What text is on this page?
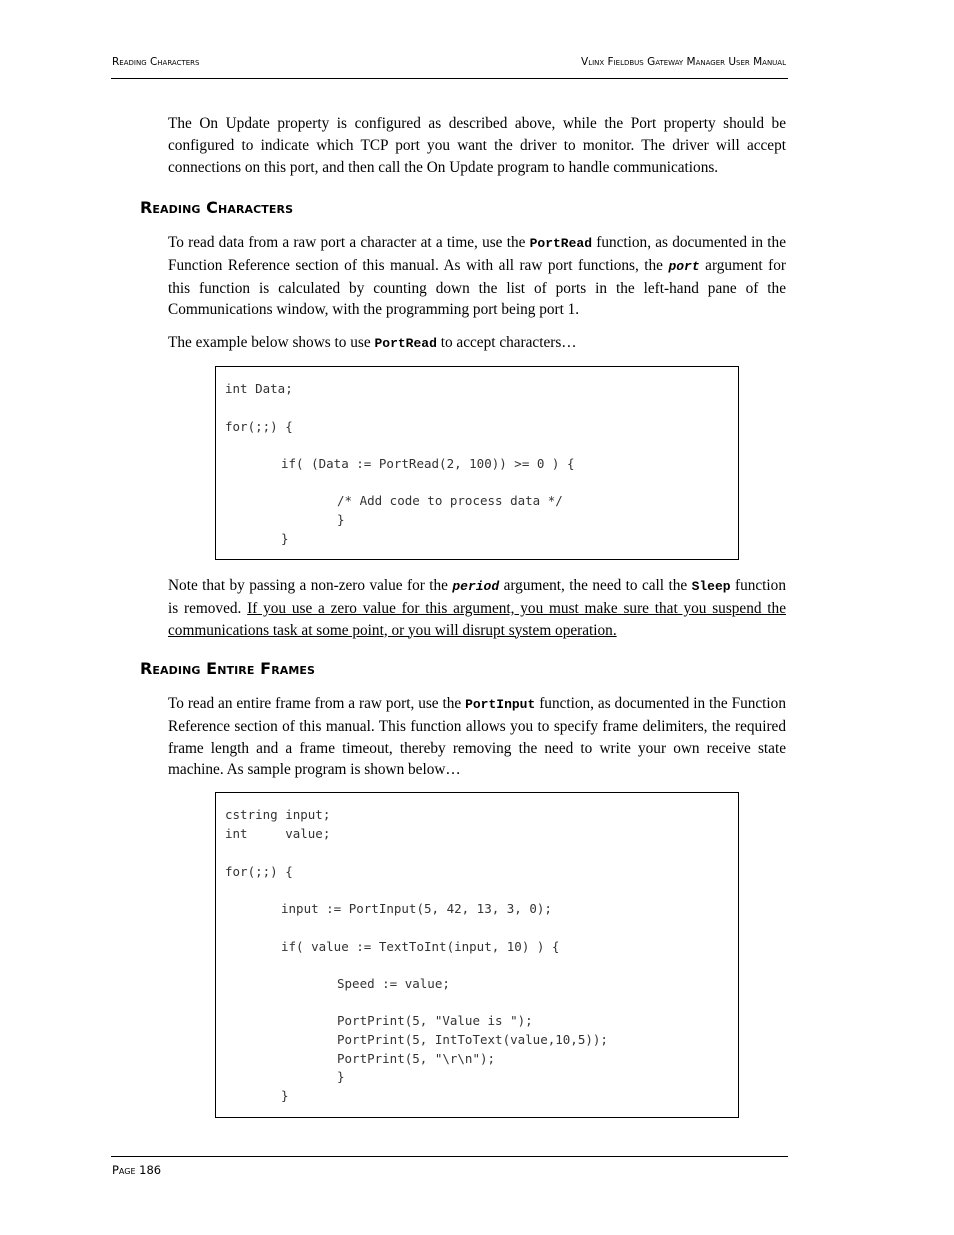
Reading Characters	Vlinx Fieldbus Gateway Manager User Manual

The On Update property is configured as described above, while the Port property should be configured to indicate which TCP port you want the driver to monitor. The driver will accept connections on this port, and then call the On Update program to handle communications.

Reading Characters

To read data from a raw port a character at a time, use the PortRead function, as documented in the Function Reference section of this manual. As with all raw port functions, the port argument for this function is calculated by counting down the list of ports in the left-hand pane of the Communications window, with the programming port being port 1.

The example below shows to use PortRead to accept characters…

int Data;
for(;;) {
if( (Data := PortRead(2, 100)) >= 0 ) {
/* Add code to process data */
}
}

Note that by passing a non-zero value for the period argument, the need to call the Sleep function is removed. If you use a zero value for this argument, you must make sure that you suspend the communications task at some point, or you will disrupt system operation.

Reading Entire Frames

To read an entire frame from a raw port, use the PortInput function, as documented in the Function Reference section of this manual. This function allows you to specify frame delimiters, the required frame length and a frame timeout, thereby removing the need to write your own receive state machine. As sample program is shown below…

cstring input;
int     value;
for(;;) {
input := PortInput(5, 42, 13, 3, 0);
if( value := TextToInt(input, 10) ) {
Speed := value;
PortPrint(5, "Value is ");
PortPrint(5, IntToText(value,10,5));
PortPrint(5, "\r\n");
}
}
Page 186
